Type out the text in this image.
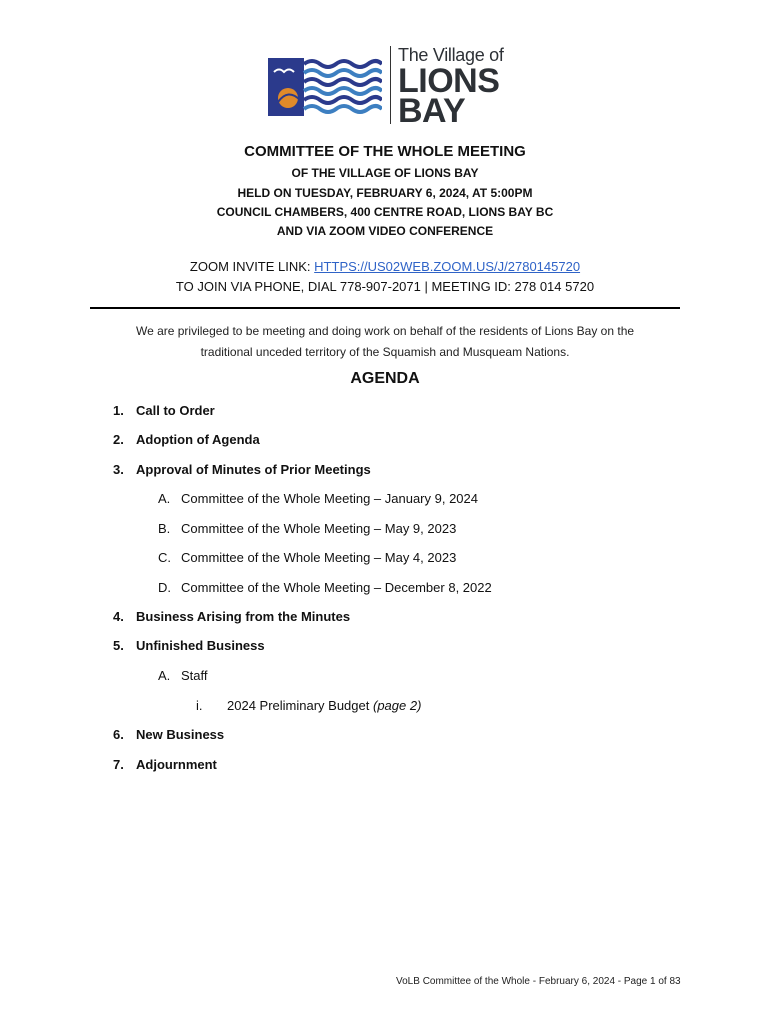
The Village of
LIONS
BAY
COMMITTEE OF THE WHOLE MEETING
OF THE VILLAGE OF LIONS BAY
HELD ON TUESDAY, FEBRUARY 6, 2024, AT 5:00PM
COUNCIL CHAMBERS, 400 CENTRE ROAD, LIONS BAY BC
AND VIA ZOOM VIDEO CONFERENCE
ZOOM INVITE LINK: HTTPS://US02WEB.ZOOM.US/J/2780145720
TO JOIN VIA PHONE, DIAL 778-907-2071 | MEETING ID: 278 014 5720
We are privileged to be meeting and doing work on behalf of the residents of Lions Bay on the
traditional unceded territory of the Squamish and Musqueam Nations.
AGENDA
1. Call to Order
2. Adoption of Agenda
3. Approval of Minutes of Prior Meetings
A. Committee of the Whole Meeting – January 9, 2024
B. Committee of the Whole Meeting – May 9, 2023
C. Committee of the Whole Meeting – May 4, 2023
D. Committee of the Whole Meeting – December 8, 2022
4. Business Arising from the Minutes
5. Unfinished Business
A. Staff
i. 2024 Preliminary Budget (page 2)
6. New Business
7. Adjournment
VoLB Committee of the Whole - February 6, 2024 - Page 1 of 83
